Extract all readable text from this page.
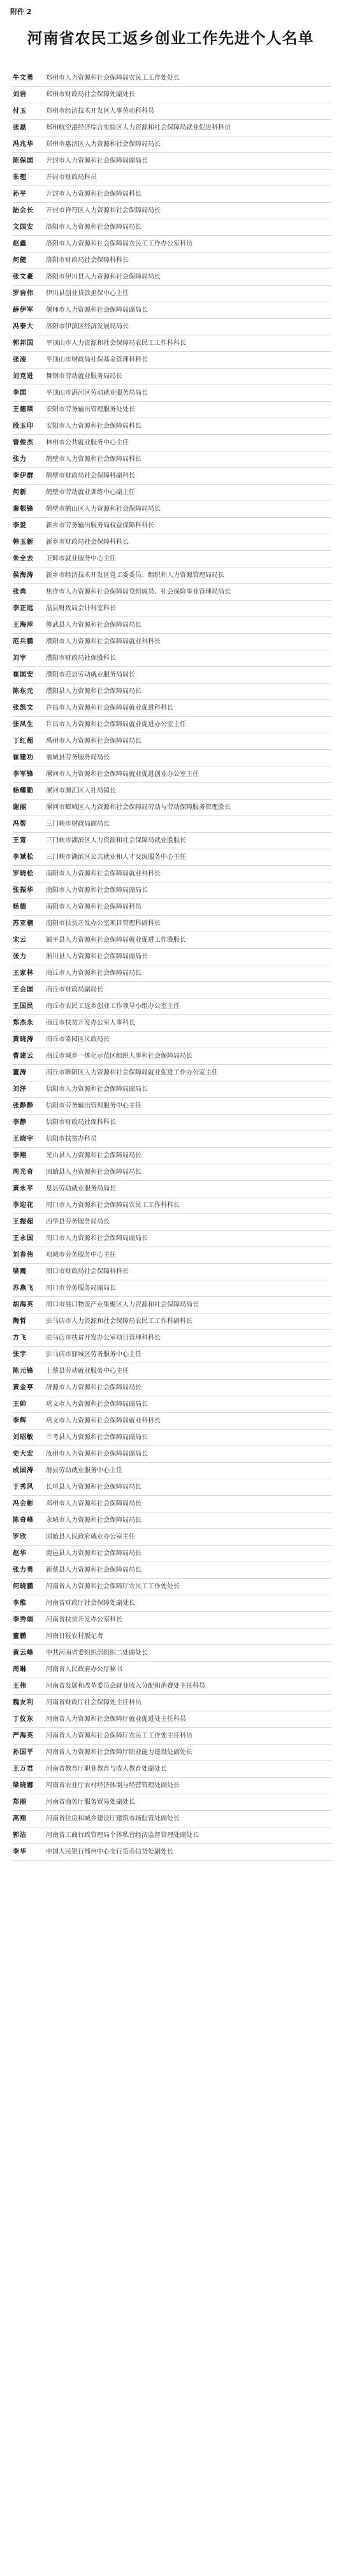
附件 2
河南省农民工返乡创业工作先进个人名单
牛文勇	郑州市人力资源和社会保障局农民工工作处处长
刘岩	郑州市财政局社会保障处副处长
付玉	郑州市经济技术开发区人事劳动科科员
张磊	郑州航空港经济综合实验区人力资源和社会保障局就业促进科科员
冯兆华	郑州市惠济区人力资源和社会保障局局长
陈保国	开封市人力资源和社会保障局副局长
朱理	开封市财政局科员
孙平	开封市人力资源和社会保障局科长
陆会长	开封市祥符区人力资源和社会保障局局长
文园安	洛阳市人力资源和社会保障局局长
赵鑫	洛阳市人力资源和社会保障局农民工工作办公室科员
何健	洛阳市财政局社会保障科科长
张文豪	洛阳市伊川县人力资源和社会保障局局长
罗岩伟	伊川县创业贷款担保中心主任
薛伊军	偃师市人力资源和社会保障局副局长
冯泰大	洛阳市伊滨区经济发展局局长
郭邦国	平顶山市人力资源和社会保障局农民工工作科科长
张凌	平顶山市财政局社保基金管理科科长
刘克进	舞钢市劳动就业服务局局长
李国	平顶山市湛河区劳动就业服务局局长
王德琪	安阳市劳务输出管理服务处处长
段玉印	安阳市人力资源和社会保障局科长
曾俊杰	林州市公共就业服务中心主任
张力	鹤壁市人力资源和社会保障局科长
李伊群	鹤壁市财政局社会保障科副科长
何新	鹤壁市劳动就业训练中心副主任
秦根锋	鹤壁市鹤山区人力资源和社会保障局局长
李爱	新乡市劳务输出服务局权益保障科科长
韩玉新	新乡市财政局社会保障科科长
朱全去	卫辉市就业服务中心主任
侯海涛	新乡市经济技术开发区党工委委员、组织和人力资源管理局局长
张典	焦作市人力资源和社会保障局党组成员、社会保险事业管理局局长
李正远	温县财政局会计科室科长
王海萍	修武县人力资源和社会保障局局长
范兵鹏	濮阳市人力资源和社会保障局就业科科长
刘宇	濮阳市财政局社保股科长
崔国安	濮阳市范县劳动就业服务局局长
陈东元	濮阳县人力资源和社会保障局局长
张凯文	许昌市人力资源和社会保障局就业促进科科长
张凤生	许昌市人力资源和社会保障局就业促进办公室主任
丁红超	禹州市人力资源和社会保障局局长
崔建功	襄城县劳务服务局局长
李军锋	漯河市人力资源和社会保障局就业促进创业办公室主任
杨耀勤	漯河市源汇区人社局镇长
谢丽	漯河市郾城区人力资源和社会保障局劳动与劳动保障服务管理股长
冯帮	三门峡市财政局副局长
王宽	三门峡市湖滨区人力资源和社会保障局就业股股长
李斌松	三门峡市湖滨区公共就业和人才交流服务中心主任
罗晓松	南阳市人力资源和社会保障局就业科科长
张振华	南阳市人力资源和社会保障局副局长
杨德	南阳市人力资源和社会保障局科员
苏亚楠	南阳市扶贫开发办公室项目管理科副科长
宋云	镇平县人力资源和社会保障局就业促进工作股股长
张力	淅川县人力资源和社会保障局副局长
王家林	商丘市人力资源和社会保障局局长
王会国	商丘市财政局副局长
王国民	商丘市农民工返乡创业工作领导小组办公室主任
郑杰永	商丘市扶贫开发办公室人事科长
黄晓涛	商丘市梁园区民政局长
曹建云	商丘市城乡一体化示范区组织人事和社会保障局局长
董涛	商丘市睢阳区人力资源和社会保障局就业促进工作办公室主任
刘泽	信阳市人力资源和社会保障局副局长
张静静	信阳市劳务输出管理服务中心主任
李静	信阳市财政局社保科科长
王晓宇	信阳市扶贫办科员
李翔	光山县人力资源和社会保障局局长
周光奇	固始县人力资源和社会保障局局长
黄永平	息县劳动就业服务局局长
李迎花	周口市人力资源和社会保障局农民工工作科科长
王振超	西华县劳务服务局局长
王永国	周口市人力资源和社会保障局副局长
刘春伟	项城市劳务服务中心主任
梁震	周口市财政局社会保障科科长
苏燕飞	周口市劳务服务局副局长
胡海英	周口市港口物流产业集聚区人力资源和社会保障局局长
陶哲	驻马店市人力资源和社会保障局农民工工作科副科长
方飞	驻马店市扶贫开发办公室项目管理科科长
张宇	驻马店市驿城区劳务服务中心主任
陈元锋	上蔡县劳动就业服务中心主任
黄金亭	济源市人力资源和社会保障局局长
王帅	巩义市人力资源和社会保障局副局长
李辉	巩义市人力资源和社会保障局就业科科长
刘昭敏	兰考县人力资源和社会保障局副局长
史大宏	汝州市人力资源和社会保障局副局长
成国涛	滑县劳动就业服务中心主任
于秀风	长垣县人力资源和社会保障局局长
冯会彬	邓州市人力资源和社会保障局局长
陈奇峰	永城市人力资源和社会保障局局长
罗欣	固始县人民政府就业办公室主任
赵华	鹿邑县人力资源和社会保障局局长
张力勇	新蔡县人力资源和社会保障局局长
何晓鹏	河南省人力资源和社会保障厅农民工工作处处长
李维	河南省财政厅社会保障处副处长
李秀娟	河南省扶贫开发办公室科长
董鹏	河南日报农村版记者
黄云峰	中共河南省委组织部组织二处副处长
周琳	河南省人民政府办公厅秘书
王伟	河南省发展和改革委员会就业收入分配和消费处主任科员
魏友利	河南省财政厅社会保障处主任科员
丁仪东	河南省人力资源和社会保障厅就业促进处主任科员
严海英	河南省人力资源和社会保障厅农民工工作处主任科员
孙国平	河南省人力资源和社会保障厅职业能力建设处副处长
王万君	河南省教育厅职业教育与成人教育处副处长
梁晓娜	河南省农业厅农村经济体制与经营管理处副处长
郑丽	河南省商务厅服务贸易处副处长
高翔	河南省住房和城乡建设厅建筑市场监管处副处长
郭洁	河南省工商行政管理局个体私营经济监督管理处副处长
李华	中国人民银行郑州中心支行货币信贷处副处长
